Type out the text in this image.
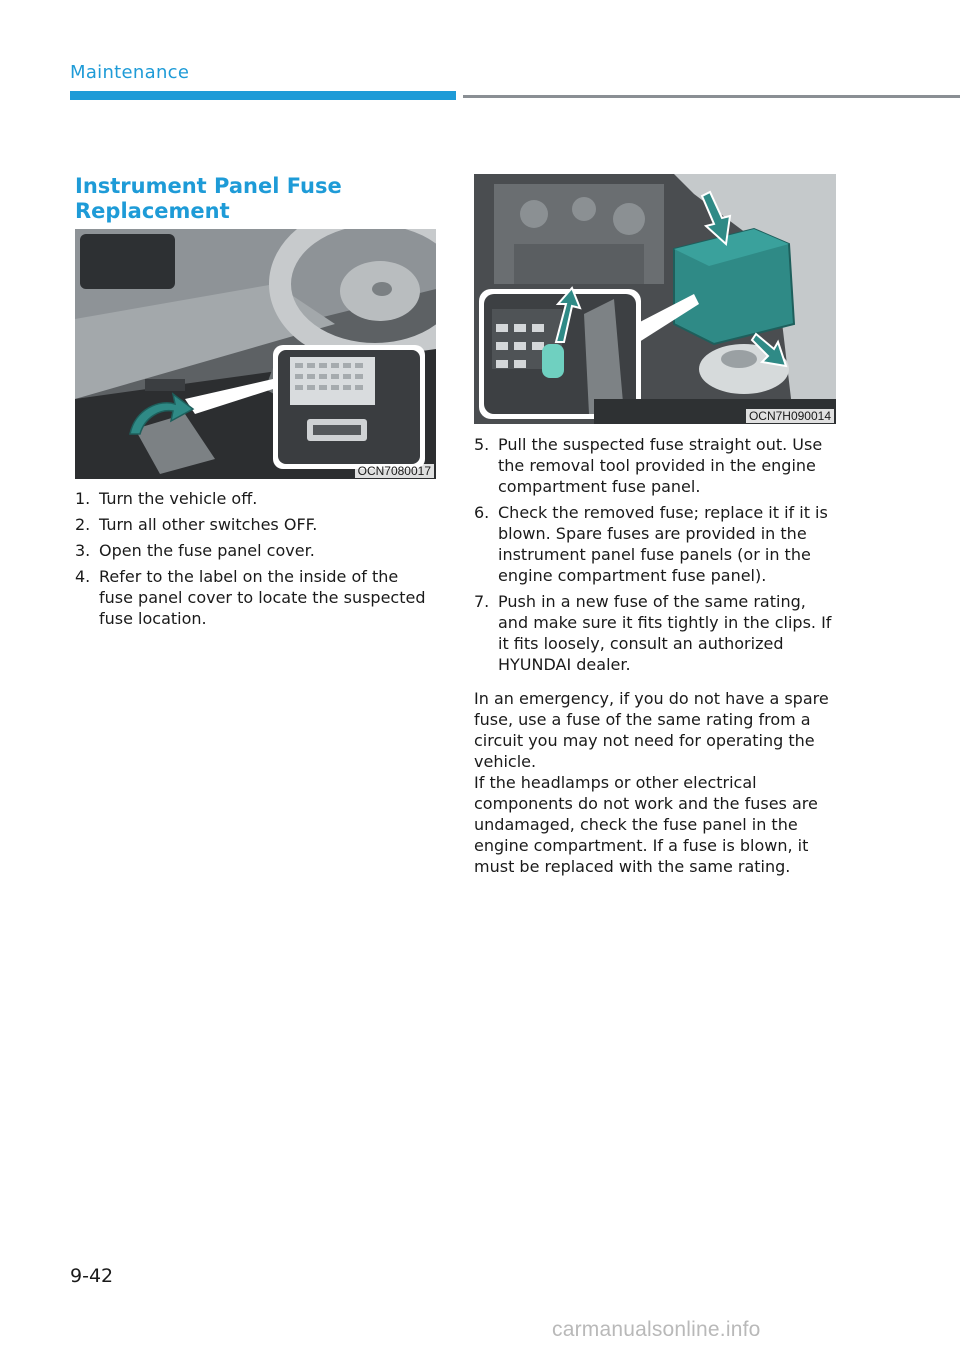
Maintenance
Instrument Panel Fuse Replacement
OCN7080017
OCN7H090014
1. Turn the vehicle off.
2. Turn all other switches OFF.
3. Open the fuse panel cover.
4. Refer to the label on the inside of the fuse panel cover to locate the suspected fuse location.
5. Pull the suspected fuse straight out. Use the removal tool provided in the engine compartment fuse panel.
6. Check the removed fuse; replace it if it is blown. Spare fuses are provided in the instrument panel fuse panels (or in the engine compartment fuse panel).
7. Push in a new fuse of the same rating, and make sure it fits tightly in the clips. If it fits loosely, consult an authorized HYUNDAI dealer.

In an emergency, if you do not have a spare fuse, use a fuse of the same rating from a circuit you may not need for operating the vehicle.

If the headlamps or other electrical components do not work and the fuses are undamaged, check the fuse panel in the engine compartment. If a fuse is blown, it must be replaced with the same rating.

9-42
carmanualsonline.info
